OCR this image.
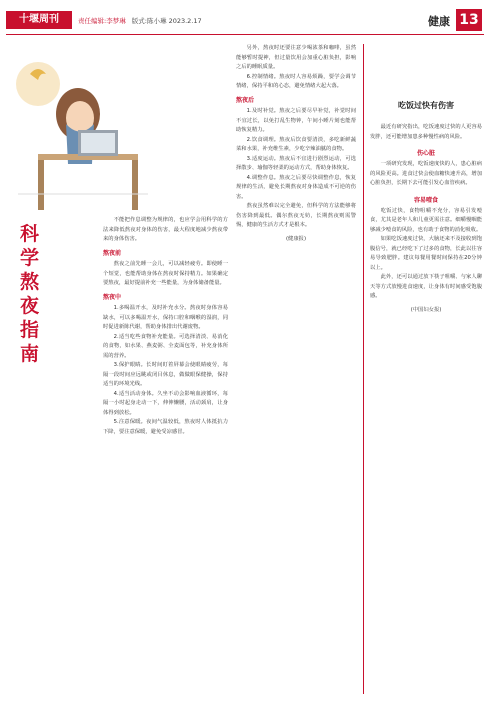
十堰周刊	责任编辑:李梦琳 版式:陈小琳 2023.2.17	健康 13
科学熬夜指南

不能把作息调整为规律的，也应学会用科学的方法来降低熬夜对身体的伤害，最大程度地减少熬夜带来的身体伤害。

熬夜前

熬夜之前先睡一会儿，可以减轻疲劳。即使睡一个短觉，也能帮助身体在熬夜时保持精力。如果确定要熬夜，最好提前补充一些能量，为身体储备能量。

熬夜中

1.多喝温开水，及时补充水分。熬夜时身体容易缺水，可以多喝温开水，保持口腔和咽喉的湿润，同时促进新陈代谢，帮助身体排出代谢废物。

2.适当吃些食物补充能量。可选择清淡、易消化的食物，如水果、燕麦粥、全麦面包等，补充身体所需的营养。

3.保护眼睛。长时间盯着屏幕会使眼睛疲劳，每隔一段时间应远眺或闭目休息，做做眼保健操，保持适当的环境光线。

4.适当活动身体。久坐不动会影响血液循环，每隔一小时起身走动一下，伸伸懒腰，活动颈肩，让身体得到放松。

5.注意保暖。夜间气温较低，熬夜时人体抵抗力下降，要注意保暖，避免受凉感冒。

另外，熬夜时还要注意少喝浓茶和咖啡，虽然能够暂时提神，但过量饮用会加重心脏负担，影响之后的睡眠质量。

6.控制情绪。熬夜时人容易烦躁，要学会调节情绪，保持平和的心态，避免情绪大起大落。

熬夜后

1.及时补觉。熬夜之后要尽早补觉，补觉时间不宜过长，以免打乱生物钟，午间小睡片刻也能帮助恢复精力。

2.饮食调理。熬夜后饮食要清淡，多吃新鲜蔬菜和水果，补充维生素，少吃辛辣油腻的食物。

3.适度运动。熬夜后不宜进行剧烈运动，可选择散步、瑜伽等轻柔的运动方式，帮助身体恢复。

4.调整作息。熬夜之后要尽快调整作息，恢复规律的生活，避免长期熬夜对身体造成不可逆的伤害。

熬夜虽然难以完全避免，但科学的方法能够将伤害降到最低。偶尔熬夜无妨，长期熬夜则需警惕，健康的生活方式才是根本。

(健康报)

吃饭过快有伤害

最近有研究指出，吃饭速度过快的人更容易发胖，还可能增加患多种慢性病的风险。

伤心脏

一项研究发现，吃饭速度快的人，患心脏病的风险更高。进食过快会使血糖快速升高，增加心脏负担，长期下去可能引发心血管疾病。

容易噎食

吃饭过快，食物咀嚼不充分，容易引发噎食，尤其是老年人和儿童更需注意。细嚼慢咽能够减少噎食的风险，也有助于食物的消化吸收。

如果吃饭速度过快，大脑还来不及接收到饱腹信号，就已经吃下了过多的食物，长此以往容易导致肥胖。建议每餐用餐时间保持在20分钟以上。

此外，还可以通过放下筷子咀嚼、与家人聊天等方式放慢进食速度，让身体有时间感受饱腹感。

(中国妇女报)
